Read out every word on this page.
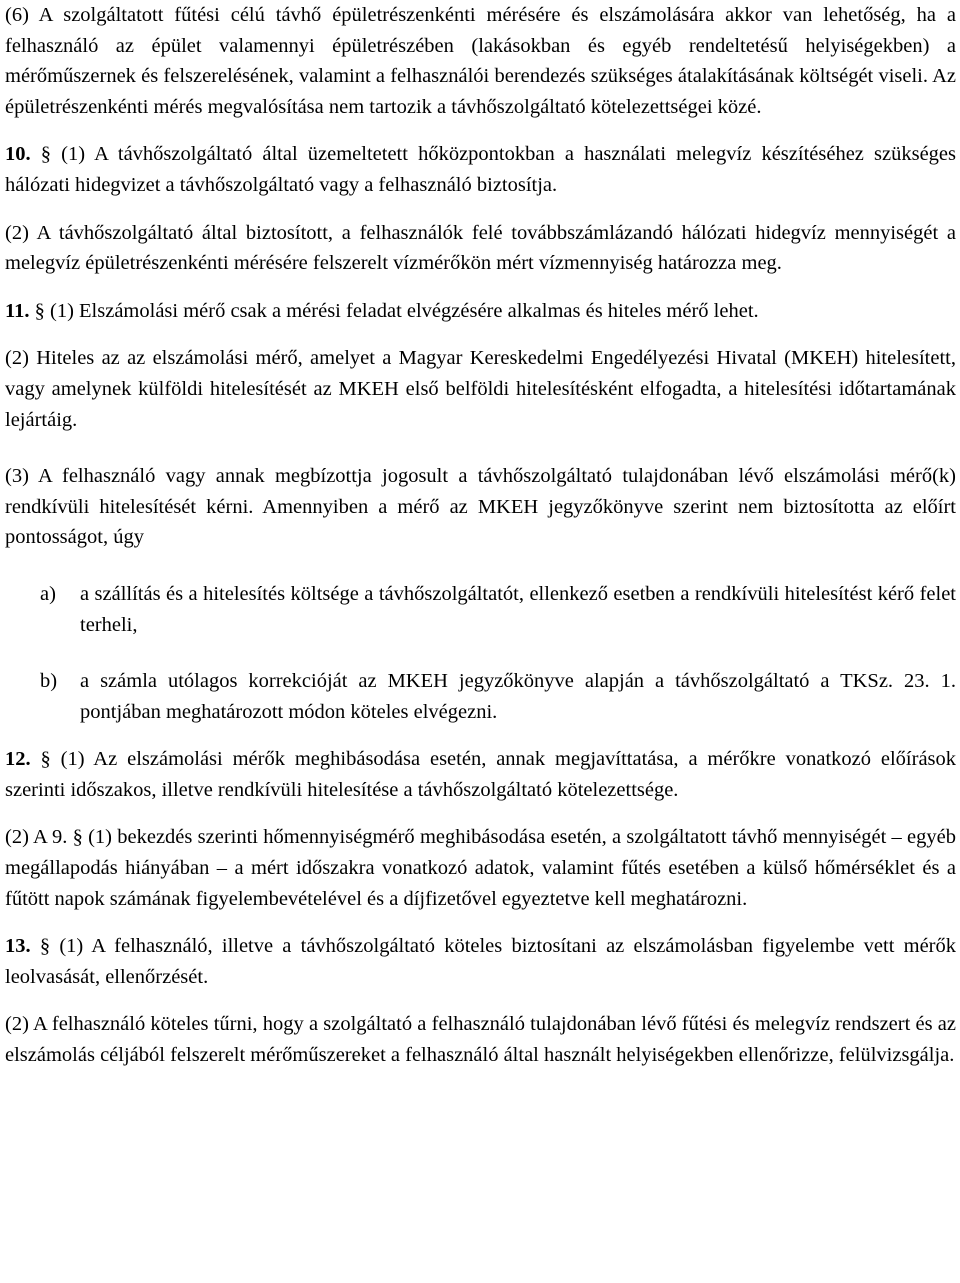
(6) A szolgáltatott fűtési célú távhő épületrészenkénti mérésére és elszámolására akkor van lehetőség, ha a felhasználó az épület valamennyi épületrészében (lakásokban és egyéb rendeltetésű helyiségekben) a mérőműszernek és felszerelésének, valamint a felhasználói berendezés szükséges átalakításának költségét viseli. Az épületrészenkénti mérés megvalósítása nem tartozik a távhőszolgáltató kötelezettségei közé.

10. § (1) A távhőszolgáltató által üzemeltetett hőközpontokban a használati melegvíz készítéséhez szükséges hálózati hidegvizet a távhőszolgáltató vagy a felhasználó biztosítja.

(2) A távhőszolgáltató által biztosított, a felhasználók felé továbbszámlázandó hálózati hidegvíz mennyiségét a melegvíz épületrészenkénti mérésére felszerelt vízmérőkön mért vízmennyiség határozza meg.

11. § (1) Elszámolási mérő csak a mérési feladat elvégzésére alkalmas és hiteles mérő lehet.

(2) Hiteles az az elszámolási mérő, amelyet a Magyar Kereskedelmi Engedélyezési Hivatal (MKEH) hitelesített, vagy amelynek külföldi hitelesítését az MKEH első belföldi hitelesítésként elfogadta, a hitelesítési időtartamának lejártáig.

(3) A felhasználó vagy annak megbízottja jogosult a távhőszolgáltató tulajdonában lévő elszámolási mérő(k) rendkívüli hitelesítését kérni. Amennyiben a mérő az MKEH jegyzőkönyve szerint nem biztosította az előírt pontosságot, úgy

a)	a szállítás és a hitelesítés költsége a távhőszolgáltatót, ellenkező esetben a rendkívüli hitelesítést kérő felet terheli,
b)	a számla utólagos korrekcióját az MKEH jegyzőkönyve alapján a távhőszolgáltató a TKSz. 23. 1. pontjában meghatározott módon köteles elvégezni.

12. § (1) Az elszámolási mérők meghibásodása esetén, annak megjavíttatása, a mérőkre vonatkozó előírások szerinti időszakos, illetve rendkívüli hitelesítése a távhőszolgáltató kötelezettsége.

(2) A 9. § (1) bekezdés szerinti hőmennyiségmérő meghibásodása esetén, a szolgáltatott távhő mennyiségét – egyéb megállapodás hiányában – a mért időszakra vonatkozó adatok, valamint fűtés esetében a külső hőmérséklet és a fűtött napok számának figyelembevételével és a díjfizetővel egyeztetve kell meghatározni.

13. § (1) A felhasználó, illetve a távhőszolgáltató köteles biztosítani az elszámolásban figyelembe vett mérők leolvasását, ellenőrzését.

(2) A felhasználó köteles tűrni, hogy a szolgáltató a felhasználó tulajdonában lévő fűtési és melegvíz rendszert és az elszámolás céljából felszerelt mérőműszereket a felhasználó által használt helyiségekben ellenőrizze, felülvizsgálja.
